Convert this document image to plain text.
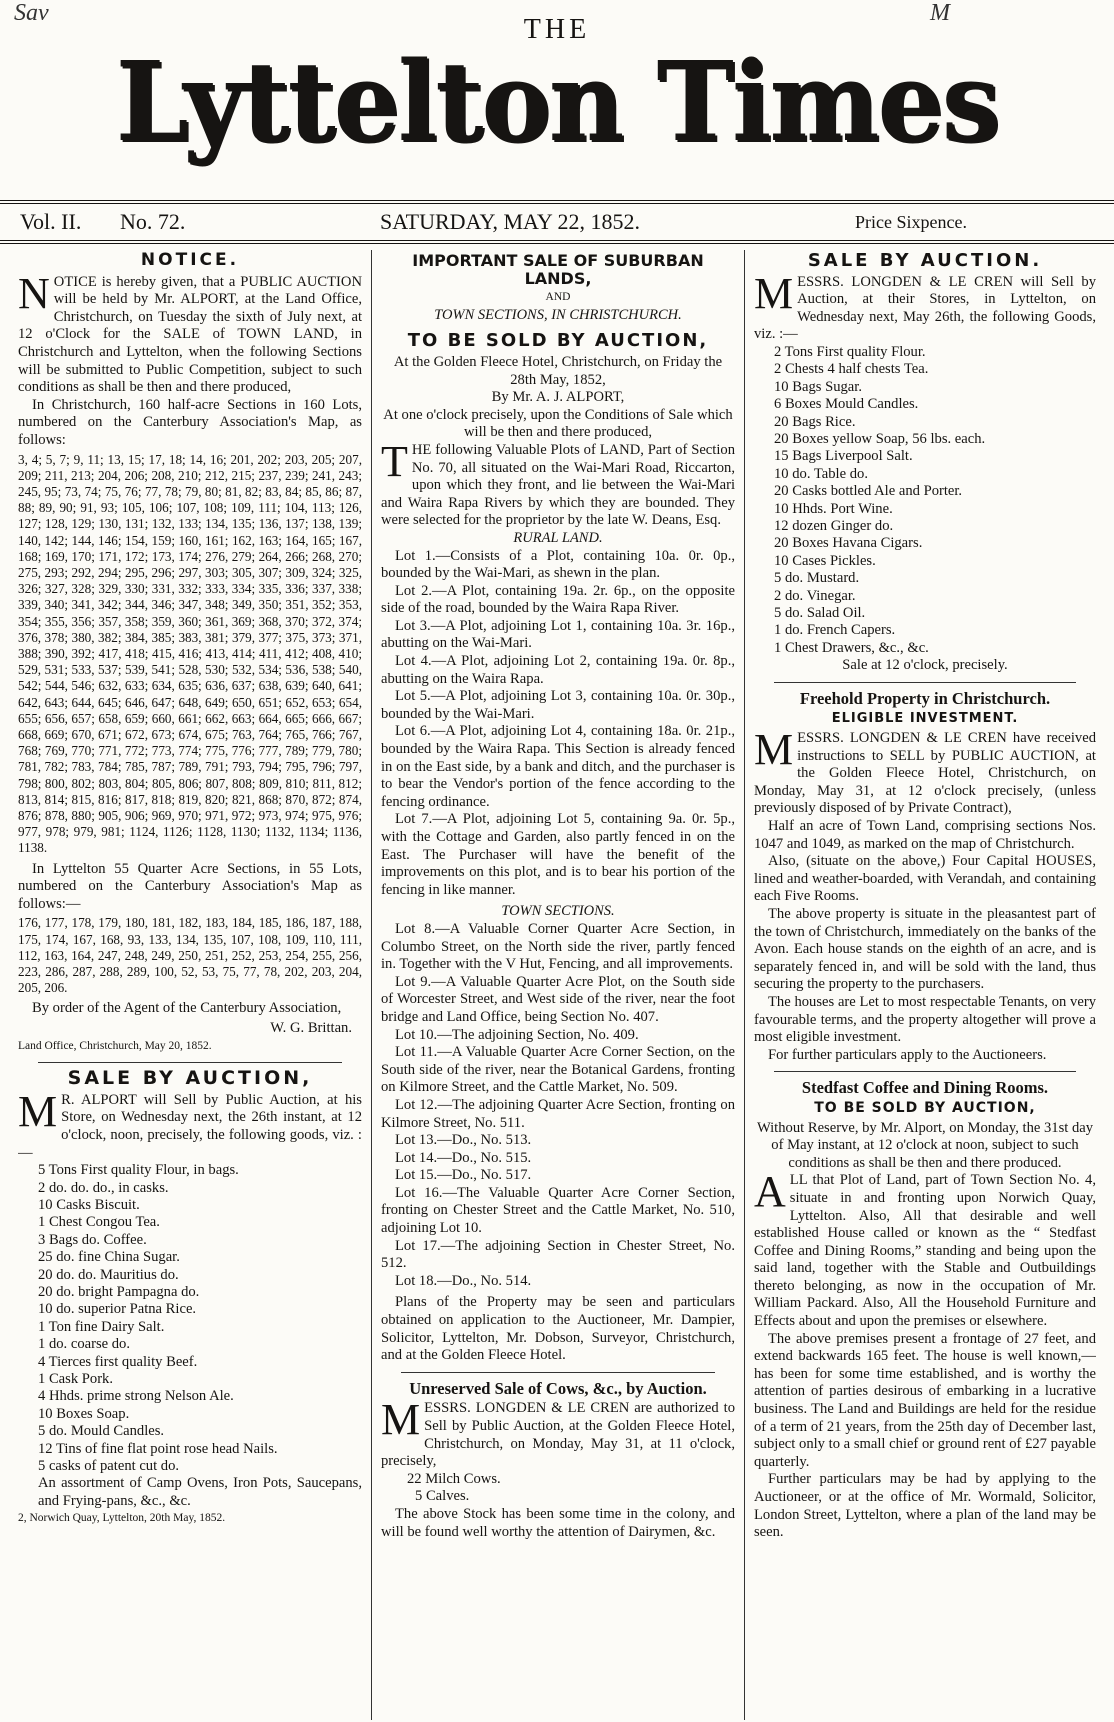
Sav	M
THE
Lyttelton Times
Vol. II. No. 72.	SATURDAY, MAY 22, 1852.	Price Sixpence.
NOTICE.

NOTICE is hereby given, that a PUBLIC AUCTION will be held by Mr. ALPORT, at the Land Office, Christchurch, on Tuesday the sixth of July next, at 12 o'Clock for the SALE of TOWN LAND, in Christchurch and Lyttelton, when the following Sections will be submitted to Public Competition, subject to such conditions as shall be then and there produced,

In Christchurch, 160 half-acre Sections in 160 Lots, numbered on the Canterbury Association's Map, as follows:

3, 4; 5, 7; 9, 11; 13, 15; 17, 18; 14, 16; 201, 202; 203, 205; 207, 209; 211, 213; 204, 206; 208, 210; 212, 215; 237, 239; 241, 243; 245, 95; 73, 74; 75, 76; 77, 78; 79, 80; 81, 82; 83, 84; 85, 86; 87, 88; 89, 90; 91, 93; 105, 106; 107, 108; 109, 111; 104, 113; 126, 127; 128, 129; 130, 131; 132, 133; 134, 135; 136, 137; 138, 139; 140, 142; 144, 146; 154, 159; 160, 161; 162, 163; 164, 165; 167, 168; 169, 170; 171, 172; 173, 174; 276, 279; 264, 266; 268, 270; 275, 293; 292, 294; 295, 296; 297, 303; 305, 307; 309, 324; 325, 326; 327, 328; 329, 330; 331, 332; 333, 334; 335, 336; 337, 338; 339, 340; 341, 342; 344, 346; 347, 348; 349, 350; 351, 352; 353, 354; 355, 356; 357, 358; 359, 360; 361, 369; 368, 370; 372, 374; 376, 378; 380, 382; 384, 385; 383, 381; 379, 377; 375, 373; 371, 388; 390, 392; 417, 418; 415, 416; 413, 414; 411, 412; 408, 410; 529, 531; 533, 537; 539, 541; 528, 530; 532, 534; 536, 538; 540, 542; 544, 546; 632, 633; 634, 635; 636, 637; 638, 639; 640, 641; 642, 643; 644, 645; 646, 647; 648, 649; 650, 651; 652, 653; 654, 655; 656, 657; 658, 659; 660, 661; 662, 663; 664, 665; 666, 667; 668, 669; 670, 671; 672, 673; 674, 675; 763, 764; 765, 766; 767, 768; 769, 770; 771, 772; 773, 774; 775, 776; 777, 789; 779, 780; 781, 782; 783, 784; 785, 787; 789, 791; 793, 794; 795, 796; 797, 798; 800, 802; 803, 804; 805, 806; 807, 808; 809, 810; 811, 812; 813, 814; 815, 816; 817, 818; 819, 820; 821, 868; 870, 872; 874, 876; 878, 880; 905, 906; 969, 970; 971, 972; 973, 974; 975, 976; 977, 978; 979, 981; 1124, 1126; 1128, 1130; 1132, 1134; 1136, 1138.

In Lyttelton 55 Quarter Acre Sections, in 55 Lots, numbered on the Canterbury Association's Map as follows:—

176, 177, 178, 179, 180, 181, 182, 183, 184, 185, 186, 187, 188, 175, 174, 167, 168, 93, 133, 134, 135, 107, 108, 109, 110, 111, 112, 163, 164, 247, 248, 249, 250, 251, 252, 253, 254, 255, 256, 223, 286, 287, 288, 289, 100, 52, 53, 75, 77, 78, 202, 203, 204, 205, 206.

By order of the Agent of the Canterbury Association,

W. G. Brittan.

Land Office, Christchurch, May 20, 1852.

SALE BY AUCTION,

M R. ALPORT will Sell by Public Auction, at his Store, on Wednesday next, the 26th instant, at 12 o'clock, noon, precisely, the following goods, viz. :—

5 Tons First quality Flour, in bags.
2 do. do. do., in casks.
10 Casks Biscuit.
1 Chest Congou Tea.
3 Bags do. Coffee.
25 do. fine China Sugar.
20 do. do. Mauritius do.
20 do. bright Pampagna do.
10 do. superior Patna Rice.
1 Ton fine Dairy Salt.
1 do. coarse do.
4 Tierces first quality Beef.
1 Cask Pork.
4 Hhds. prime strong Nelson Ale.
10 Boxes Soap.
5 do. Mould Candles.
12 Tins of fine flat point rose head Nails.
5 casks of patent cut do.
An assortment of Camp Ovens, Iron Pots, Saucepans, and Frying-pans, &c., &c.

2, Norwich Quay, Lyttelton, 20th May, 1852.

IMPORTANT SALE OF SUBURBAN LANDS,

AND

TOWN SECTIONS, IN CHRISTCHURCH.

TO BE SOLD BY AUCTION,

At the Golden Fleece Hotel, Christchurch, on Friday the 28th May, 1852,

By Mr. A. J. ALPORT,

At one o'clock precisely, upon the Conditions of Sale which will be then and there produced,

THE following Valuable Plots of LAND, Part of Section No. 70, all situated on the Wai-Mari Road, Riccarton, upon which they front, and lie between the Wai-Mari and Waira Rapa Rivers by which they are bounded. They were selected for the proprietor by the late W. Deans, Esq.

RURAL LAND.

Lot 1.—Consists of a Plot, containing 10a. 0r. 0p., bounded by the Wai-Mari, as shewn in the plan.

Lot 2.—A Plot, containing 19a. 2r. 6p., on the opposite side of the road, bounded by the Waira Rapa River.

Lot 3.—A Plot, adjoining Lot 1, containing 10a. 3r. 16p., abutting on the Wai-Mari.

Lot 4.—A Plot, adjoining Lot 2, containing 19a. 0r. 8p., abutting on the Waira Rapa.

Lot 5.—A Plot, adjoining Lot 3, containing 10a. 0r. 30p., bounded by the Wai-Mari.

Lot 6.—A Plot, adjoining Lot 4, containing 18a. 0r. 21p., bounded by the Waira Rapa. This Section is already fenced in on the East side, by a bank and ditch, and the purchaser is to bear the Vendor's portion of the fence according to the fencing ordinance.

Lot 7.—A Plot, adjoining Lot 5, containing 9a. 0r. 5p., with the Cottage and Garden, also partly fenced in on the East. The Purchaser will have the benefit of the improvements on this plot, and is to bear his portion of the fencing in like manner.

TOWN SECTIONS.

Lot 8.—A Valuable Corner Quarter Acre Section, in Columbo Street, on the North side the river, partly fenced in. Together with the V Hut, Fencing, and all improvements.

Lot 9.—A Valuable Quarter Acre Plot, on the South side of Worcester Street, and West side of the river, near the foot bridge and Land Office, being Section No. 407.

Lot 10.—The adjoining Section, No. 409.

Lot 11.—A Valuable Quarter Acre Corner Section, on the South side of the river, near the Botanical Gardens, fronting on Kilmore Street, and the Cattle Market, No. 509.

Lot 12.—The adjoining Quarter Acre Section, fronting on Kilmore Street, No. 511.

Lot 13.—Do., No. 513.

Lot 14.—Do., No. 515.

Lot 15.—Do., No. 517.

Lot 16.—The Valuable Quarter Acre Corner Section, fronting on Chester Street and the Cattle Market, No. 510, adjoining Lot 10.

Lot 17.—The adjoining Section in Chester Street, No. 512.

Lot 18.—Do., No. 514.

Plans of the Property may be seen and particulars obtained on application to the Auctioneer, Mr. Dampier, Solicitor, Lyttelton, Mr. Dobson, Surveyor, Christchurch, and at the Golden Fleece Hotel.

Unreserved Sale of Cows, &c., by Auction.

MESSRS. LONGDEN & LE CREN are authorized to Sell by Public Auction, at the Golden Fleece Hotel, Christchurch, on Monday, May 31, at 11 o'clock, precisely,

22 Milch Cows.

5 Calves.

The above Stock has been some time in the colony, and will be found well worthy the attention of Dairymen, &c.

SALE BY AUCTION.

MESSRS. LONGDEN & LE CREN will Sell by Auction, at their Stores, in Lyttelton, on Wednesday next, May 26th, the following Goods, viz. :—

2 Tons First quality Flour.
2 Chests 4 half chests Tea.
10 Bags Sugar.
6 Boxes Mould Candles.
20 Bags Rice.
20 Boxes yellow Soap, 56 lbs. each.
15 Bags Liverpool Salt.
10 do. Table do.
20 Casks bottled Ale and Porter.
10 Hhds. Port Wine.
12 dozen Ginger do.
20 Boxes Havana Cigars.
10 Cases Pickles.
5 do. Mustard.
2 do. Vinegar.
5 do. Salad Oil.
1 do. French Capers.
1 Chest Drawers, &c., &c.

Sale at 12 o'clock, precisely.

Freehold Property in Christchurch.
ELIGIBLE INVESTMENT.

MESSRS. LONGDEN & LE CREN have received instructions to SELL by PUBLIC AUCTION, at the Golden Fleece Hotel, Christchurch, on Monday, May 31, at 12 o'clock precisely, (unless previously disposed of by Private Contract),

Half an acre of Town Land, comprising sections Nos. 1047 and 1049, as marked on the map of Christchurch.

Also, (situate on the above,) Four Capital HOUSES, lined and weather-boarded, with Verandah, and containing each Five Rooms.

The above property is situate in the pleasantest part of the town of Christchurch, immediately on the banks of the Avon. Each house stands on the eighth of an acre, and is separately fenced in, and will be sold with the land, thus securing the property to the purchasers.

The houses are Let to most respectable Tenants, on very favourable terms, and the property altogether will prove a most eligible investment.

For further particulars apply to the Auctioneers.

Stedfast Coffee and Dining Rooms.
TO BE SOLD BY AUCTION,

Without Reserve, by Mr. Alport, on Monday, the 31st day of May instant, at 12 o'clock at noon, subject to such conditions as shall be then and there produced.

ALL that Plot of Land, part of Town Section No. 4, situate in and fronting upon Norwich Quay, Lyttelton. Also, All that desirable and well established House called or known as the “ Stedfast Coffee and Dining Rooms,” standing and being upon the said land, together with the Stable and Outbuildings thereto belonging, as now in the occupation of Mr. William Packard. Also, All the Household Furniture and Effects about and upon the premises or elsewhere.

The above premises present a frontage of 27 feet, and extend backwards 165 feet. The house is well known,—has been for some time established, and is worthy the attention of parties desirous of embarking in a lucrative business. The Land and Buildings are held for the residue of a term of 21 years, from the 25th day of December last, subject only to a small chief or ground rent of £27 payable quarterly.

Further particulars may be had by applying to the Auctioneer, or at the office of Mr. Wormald, Solicitor, London Street, Lyttelton, where a plan of the land may be seen.
